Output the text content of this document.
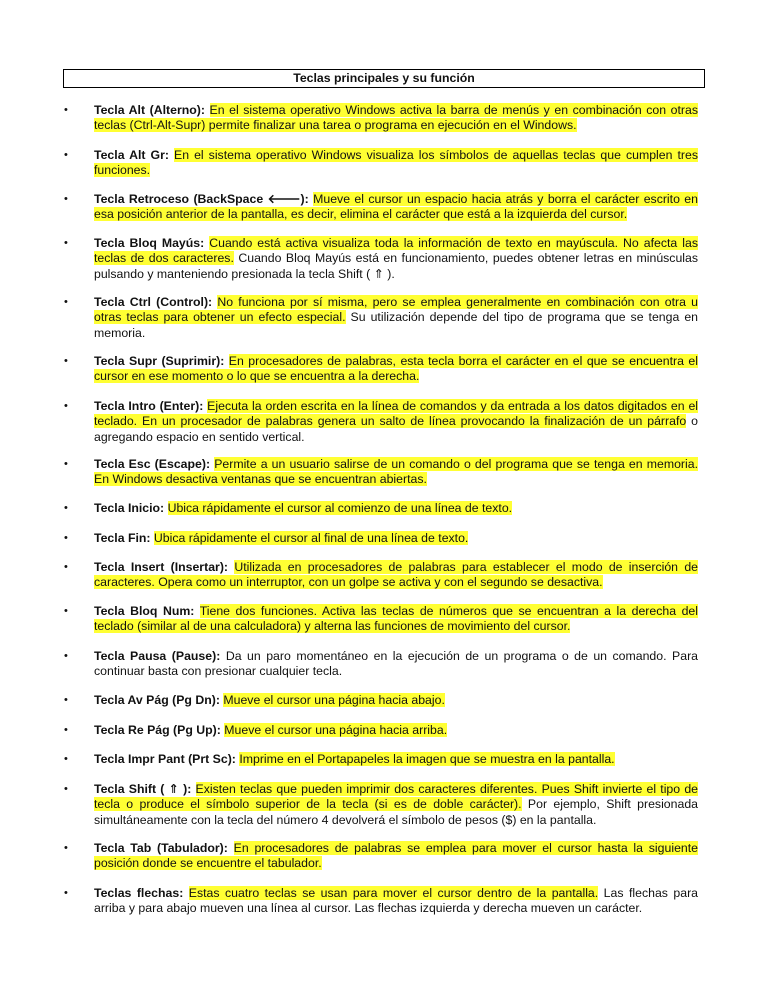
Teclas principales y su función
• Tecla Alt (Alterno): En el sistema operativo Windows activa la barra de menús y en combinación con otras teclas (Ctrl-Alt-Supr) permite finalizar una tarea o programa en ejecución en el Windows.
• Tecla Alt Gr: En el sistema operativo Windows visualiza los símbolos de aquellas teclas que cumplen tres funciones.
• Tecla Retroceso (BackSpace 🡐): Mueve el cursor un espacio hacia atrás y borra el carácter escrito en esa posición anterior de la pantalla, es decir, elimina el carácter que está a la izquierda del cursor.
• Tecla Bloq Mayús: Cuando está activa visualiza toda la información de texto en mayúscula. No afecta las teclas de dos caracteres. Cuando Bloq Mayús está en funcionamiento, puedes obtener letras en minúsculas pulsando y manteniendo presionada la tecla Shift ( ⇑ ).
• Tecla Ctrl (Control): No funciona por sí misma, pero se emplea generalmente en combinación con otra u otras teclas para obtener un efecto especial. Su utilización depende del tipo de programa que se tenga en memoria.
• Tecla Supr (Suprimir): En procesadores de palabras, esta tecla borra el carácter en el que se encuentra el cursor en ese momento o lo que se encuentra a la derecha.
• Tecla Intro (Enter): Ejecuta la orden escrita en la línea de comandos y da entrada a los datos digitados en el teclado. En un procesador de palabras genera un salto de línea provocando la finalización de un párrafo o agregando espacio en sentido vertical.
• Tecla Esc (Escape): Permite a un usuario salirse de un comando o del programa que se tenga en memoria. En Windows desactiva ventanas que se encuentran abiertas.
• Tecla Inicio: Ubica rápidamente el cursor al comienzo de una línea de texto.
• Tecla Fin: Ubica rápidamente el cursor al final de una línea de texto.
• Tecla Insert (Insertar): Utilizada en procesadores de palabras para establecer el modo de inserción de caracteres. Opera como un interruptor, con un golpe se activa y con el segundo se desactiva.
• Tecla Bloq Num: Tiene dos funciones. Activa las teclas de números que se encuentran a la derecha del teclado (similar al de una calculadora) y alterna las funciones de movimiento del cursor.
• Tecla Pausa (Pause): Da un paro momentáneo en la ejecución de un programa o de un comando. Para continuar basta con presionar cualquier tecla.
• Tecla Av Pág (Pg Dn): Mueve el cursor una página hacia abajo.
• Tecla Re Pág (Pg Up): Mueve el cursor una página hacia arriba.
• Tecla Impr Pant (Prt Sc): Imprime en el Portapapeles la imagen que se muestra en la pantalla.
• Tecla Shift ( ⇑ ): Existen teclas que pueden imprimir dos caracteres diferentes. Pues Shift invierte el tipo de tecla o produce el símbolo superior de la tecla (si es de doble carácter). Por ejemplo, Shift presionada simultáneamente con la tecla del número 4 devolverá el símbolo de pesos ($) en la pantalla.
• Tecla Tab (Tabulador): En procesadores de palabras se emplea para mover el cursor hasta la siguiente posición donde se encuentre el tabulador.
• Teclas flechas: Estas cuatro teclas se usan para mover el cursor dentro de la pantalla. Las flechas para arriba y para abajo mueven una línea al cursor. Las flechas izquierda y derecha mueven un carácter.
